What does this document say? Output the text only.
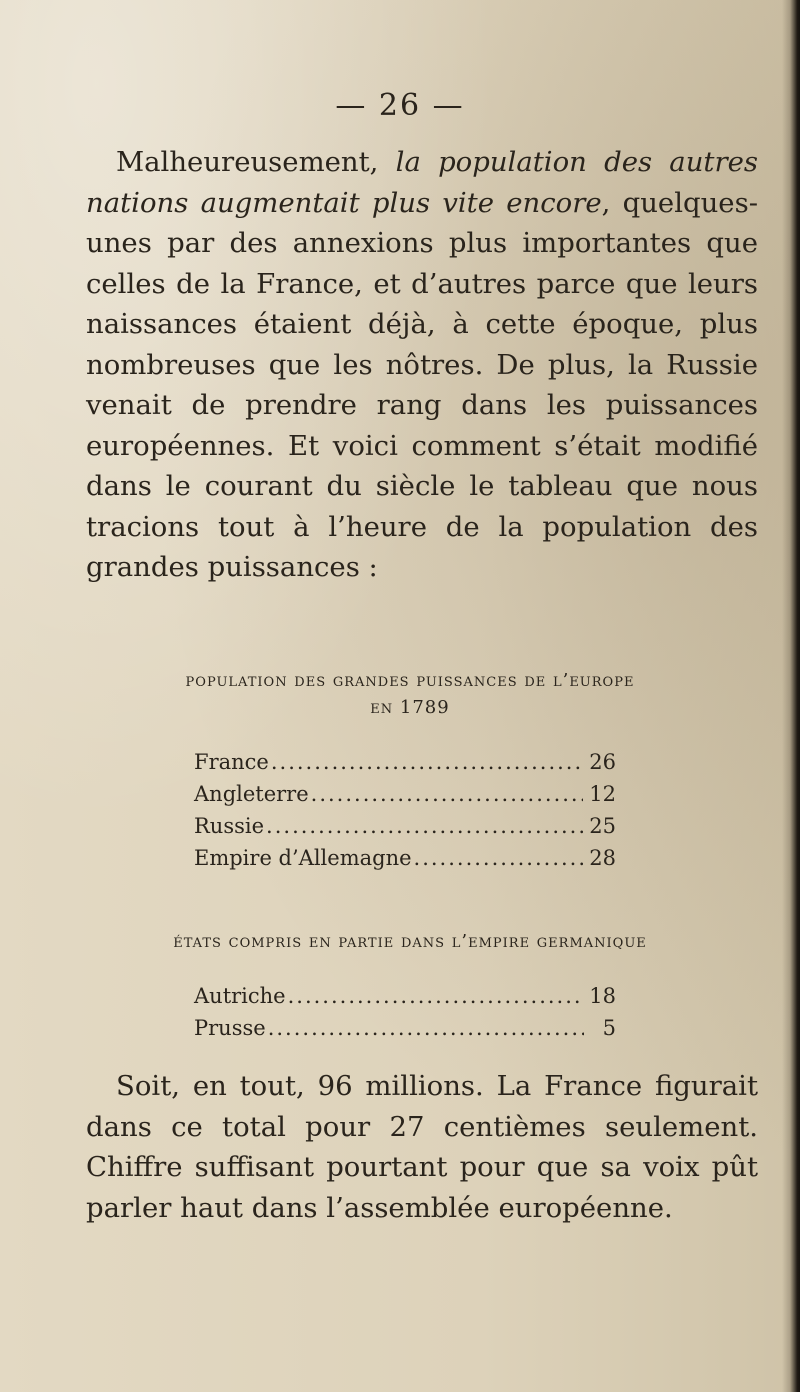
— 26 —

Malheureusement, la population des autres nations augmentait plus vite encore, quelques-unes par des annexions plus importantes que celles de la France, et d’autres parce que leurs naissances étaient déjà, à cette époque, plus nombreuses que les nôtres. De plus, la Russie venait de prendre rang dans les puissances européennes. Et voici comment s’était modifié dans le courant du siècle le tableau que nous tracions tout à l’heure de la population des grandes puissances :

population des grandes puissances de l’europe

en 1789

France .....	26
Angleterre .....	12
Russie .....	25
Empire d’Allemagne .....	28

états compris en partie dans l’empire germanique

Autriche .....	18
Prusse .....	5

Soit, en tout, 96 millions. La France figurait dans ce total pour 27 centièmes seulement. Chiffre suffisant pourtant pour que sa voix pût parler haut dans l’assemblée européenne.
